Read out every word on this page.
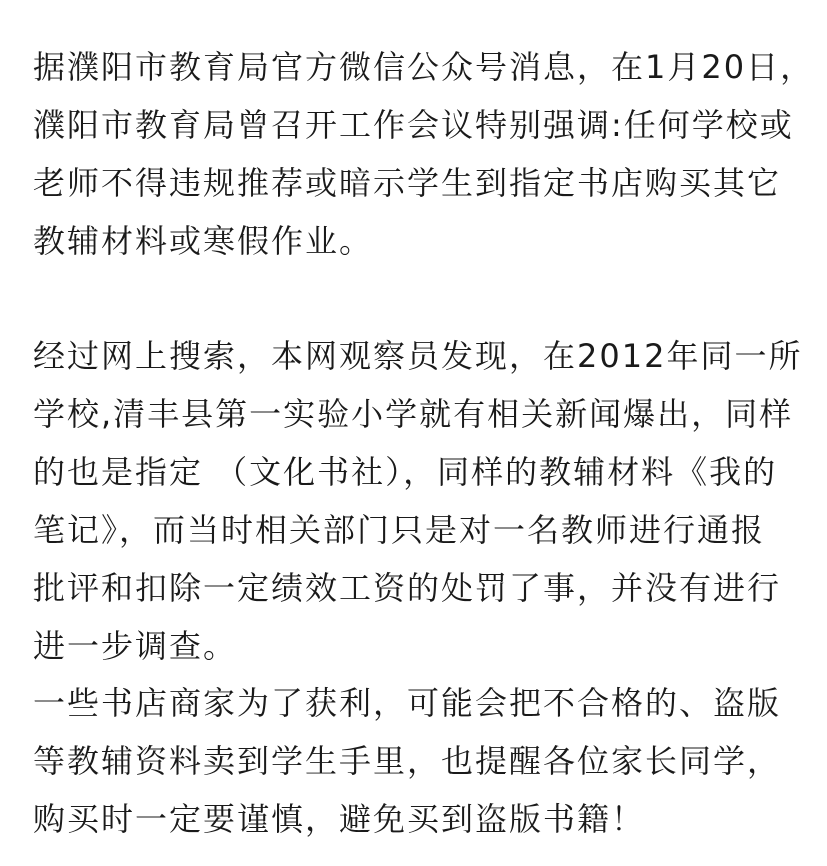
据濮阳市教育局官方微信公众号消息，在1月20日，
濮阳市教育局曾召开工作会议特别强调:任何学校或
老师不得违规推荐或暗示学生到指定书店购买其它
教辅材料或寒假作业。
经过网上搜索，本网观察员发现，在2012年同一所
学校,清丰县第一实验小学就有相关新闻爆出，同样
的也是指定 （文化书社），同样的教辅材料《我的
笔记》，而当时相关部门只是对一名教师进行通报
批评和扣除一定绩效工资的处罚了事，并没有进行
进一步调查。
一些书店商家为了获利，可能会把不合格的、盗版
等教辅资料卖到学生手里，也提醒各位家长同学，
购买时一定要谨慎，避免买到盗版书籍！
